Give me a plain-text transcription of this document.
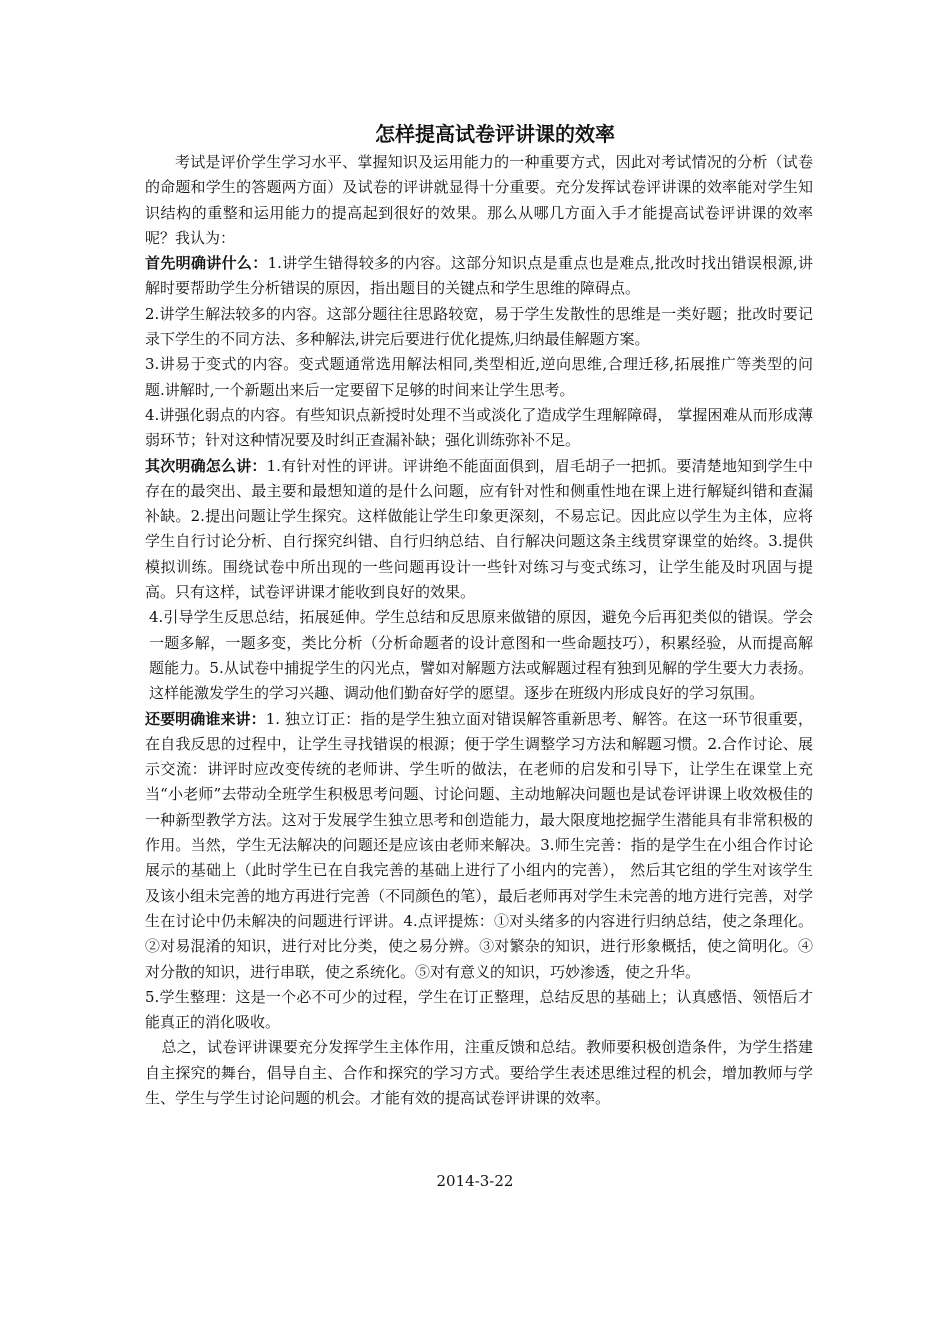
怎样提高试卷评讲课的效率

考试是评价学生学习水平、掌握知识及运用能力的一种重要方式，因此对考试情况的分析（试卷的命题和学生的答题两方面）及试卷的评讲就显得十分重要。充分发挥试卷评讲课的效率能对学生知识结构的重整和运用能力的提高起到很好的效果。那么从哪几方面入手才能提高试卷评讲课的效率呢？我认为：

首先明确讲什么：1.讲学生错得较多的内容。这部分知识点是重点也是难点,批改时找出错误根源,讲解时要帮助学生分析错误的原因，指出题目的关键点和学生思维的障碍点。

2.讲学生解法较多的内容。这部分题往往思路较宽，易于学生发散性的思维是一类好题；批改时要记录下学生的不同方法、多种解法,讲完后要进行优化提炼,归纳最佳解题方案。

3.讲易于变式的内容。变式题通常选用解法相同,类型相近,逆向思维,合理迁移,拓展推广等类型的问题.讲解时,一个新题出来后一定要留下足够的时间来让学生思考。

4.讲强化弱点的内容。有些知识点新授时处理不当或淡化了造成学生理解障碍， 掌握困难从而形成薄弱环节；针对这种情况要及时纠正查漏补缺；强化训练弥补不足。

其次明确怎么讲：1.有针对性的评讲。评讲绝不能面面俱到，眉毛胡子一把抓。要清楚地知到学生中存在的最突出、最主要和最想知道的是什么问题，应有针对性和侧重性地在课上进行解疑纠错和查漏补缺。2.提出问题让学生探究。这样做能让学生印象更深刻，不易忘记。因此应以学生为主体，应将学生自行讨论分析、自行探究纠错、自行归纳总结、自行解决问题这条主线贯穿课堂的始终。3.提供模拟训练。围绕试卷中所出现的一些问题再设计一些针对练习与变式练习，让学生能及时巩固与提高。只有这样，试卷评讲课才能收到良好的效果。

4.引导学生反思总结，拓展延伸。学生总结和反思原来做错的原因，避免今后再犯类似的错误。学会一题多解，一题多变，类比分析（分析命题者的设计意图和一些命题技巧），积累经验，从而提高解题能力。5.从试卷中捕捉学生的闪光点，譬如对解题方法或解题过程有独到见解的学生要大力表扬。这样能激发学生的学习兴趣、调动他们勤奋好学的愿望。逐步在班级内形成良好的学习氛围。

还要明确谁来讲：1. 独立订正：指的是学生独立面对错误解答重新思考、解答。在这一环节很重要，在自我反思的过程中，让学生寻找错误的根源；便于学生调整学习方法和解题习惯。2.合作讨论、展示交流：讲评时应改变传统的老师讲、学生听的做法，在老师的启发和引导下，让学生在课堂上充当“小老师”去带动全班学生积极思考问题、讨论问题、主动地解决问题也是试卷评讲课上收效极佳的一种新型教学方法。这对于发展学生独立思考和创造能力，最大限度地挖掘学生潜能具有非常积极的作用。当然，学生无法解决的问题还是应该由老师来解决。3.师生完善：指的是学生在小组合作讨论展示的基础上（此时学生已在自我完善的基础上进行了小组内的完善）， 然后其它组的学生对该学生及该小组未完善的地方再进行完善（不同颜色的笔），最后老师再对学生未完善的地方进行完善，对学生在讨论中仍未解决的问题进行评讲。4.点评提炼：①对头绪多的内容进行归纳总结，使之条理化。②对易混淆的知识，进行对比分类，使之易分辨。③对繁杂的知识，进行形象概括，使之简明化。④对分散的知识，进行串联，使之系统化。⑤对有意义的知识，巧妙渗透，使之升华。

5.学生整理：这是一个必不可少的过程，学生在订正整理，总结反思的基础上；认真感悟、领悟后才能真正的消化吸收。

总之，试卷评讲课要充分发挥学生主体作用，注重反馈和总结。教师要积极创造条件，为学生搭建自主探究的舞台，倡导自主、合作和探究的学习方式。要给学生表述思维过程的机会，增加教师与学生、学生与学生讨论问题的机会。才能有效的提高试卷评讲课的效率。

2014-3-22
